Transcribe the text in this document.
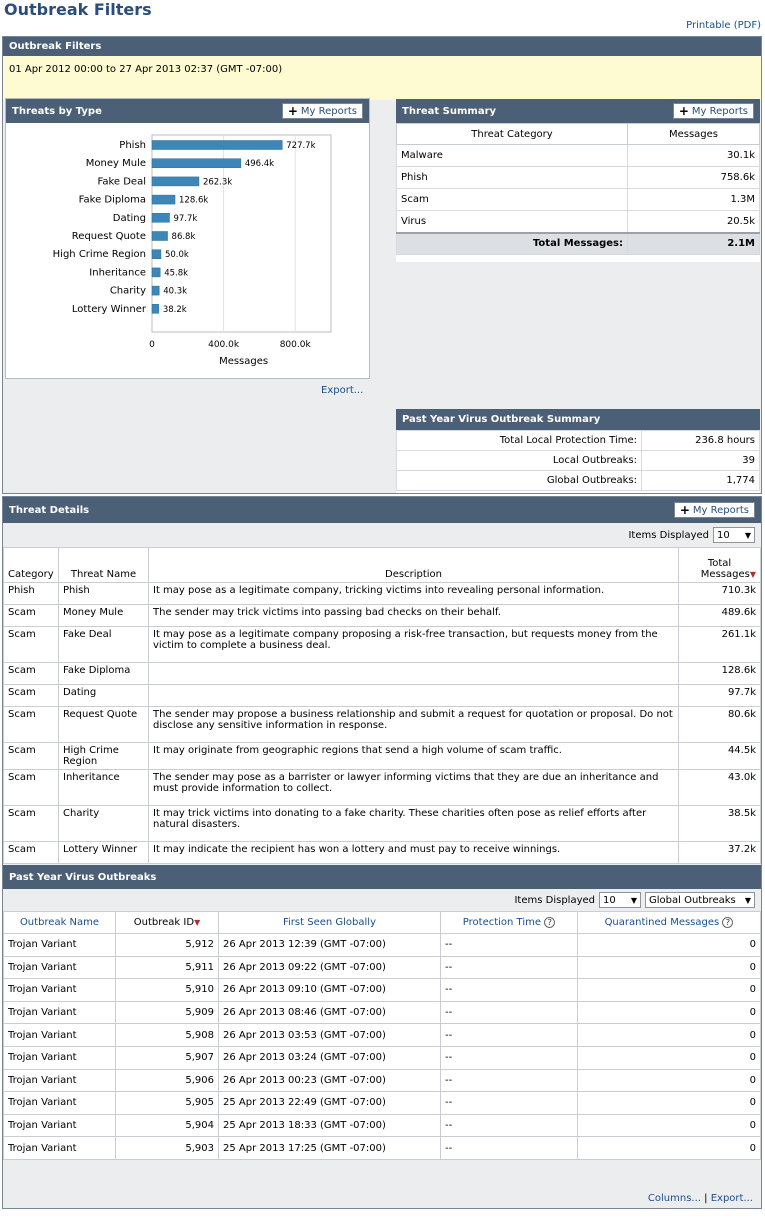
Outbreak Filters
Printable (PDF)
Outbreak Filters
01 Apr 2012 00:00 to 27 Apr 2013 02:37 (GMT -07:00)
Threats by Type	+ My Reports
0	400.0k	800.0k
Phish	727.7k
Money Mule	496.4k
Fake Deal	262.3k
Fake Diploma	128.6k
Dating	97.7k
Request Quote	86.8k
High Crime Region 50.0k
Inheritance 45.8k
Charity 40.3k
Lottery Winner 38.2k
Messages
Export...
Threat Summary	+ My Reports
Threat Category	Messages
Malware	30.1k
Phish	758.6k
Scam	1.3M
Virus	20.5k
Total Messages:	2.1M
Past Year Virus Outbreak Summary
Total Local Protection Time:	236.8 hours
Local Outbreaks:	39
Global Outbreaks:	1,774
Threat Details	+ My Reports
Items Displayed 10 ▼
Category	Threat Name	Description	Total
Messages▼

Phish	Phish	It may pose as a legitimate company, tricking victims into revealing personal information.	710.3k
Scam	Money Mule	The sender may trick victims into passing bad checks on their behalf.	489.6k
Scam	Fake Deal	It may pose as a legitimate company proposing a risk-free transaction, but requests money from the victim to complete a business deal.	261.1k
Scam	Fake Diploma		128.6k
Scam	Dating		97.7k
Scam	Request Quote	The sender may propose a business relationship and submit a request for quotation or proposal. Do not disclose any sensitive information in response.	80.6k
Scam	High Crime Region	It may originate from geographic regions that send a high volume of scam traffic.	44.5k
Scam	Inheritance	The sender may pose as a barrister or lawyer informing victims that they are due an inheritance and must provide information to collect.	43.0k
Scam	Charity	It may trick victims into donating to a fake charity. These charities often pose as relief efforts after natural disasters.	38.5k
Scam	Lottery Winner	It may indicate the recipient has won a lottery and must pay to receive winnings.	37.2k
Past Year Virus Outbreaks
Items Displayed 10 ▼ Global Outbreaks ▼
Outbreak Name	Outbreak ID▼	First Seen Globally	Protection Time ?	Quarantined Messages ?
Trojan Variant	5,912	26 Apr 2013 12:39 (GMT -07:00)	--	0
Trojan Variant	5,911	26 Apr 2013 09:22 (GMT -07:00)	--	0
Trojan Variant	5,910	26 Apr 2013 09:10 (GMT -07:00)	--	0
Trojan Variant	5,909	26 Apr 2013 08:46 (GMT -07:00)	--	0
Trojan Variant	5,908	26 Apr 2013 03:53 (GMT -07:00)	--	0
Trojan Variant	5,907	26 Apr 2013 03:24 (GMT -07:00)	--	0
Trojan Variant	5,906	26 Apr 2013 00:23 (GMT -07:00)	--	0
Trojan Variant	5,905	25 Apr 2013 22:49 (GMT -07:00)	--	0
Trojan Variant	5,904	25 Apr 2013 18:33 (GMT -07:00)	--	0
Trojan Variant	5,903	25 Apr 2013 17:25 (GMT -07:00)	--	0
Columns... | Export...
